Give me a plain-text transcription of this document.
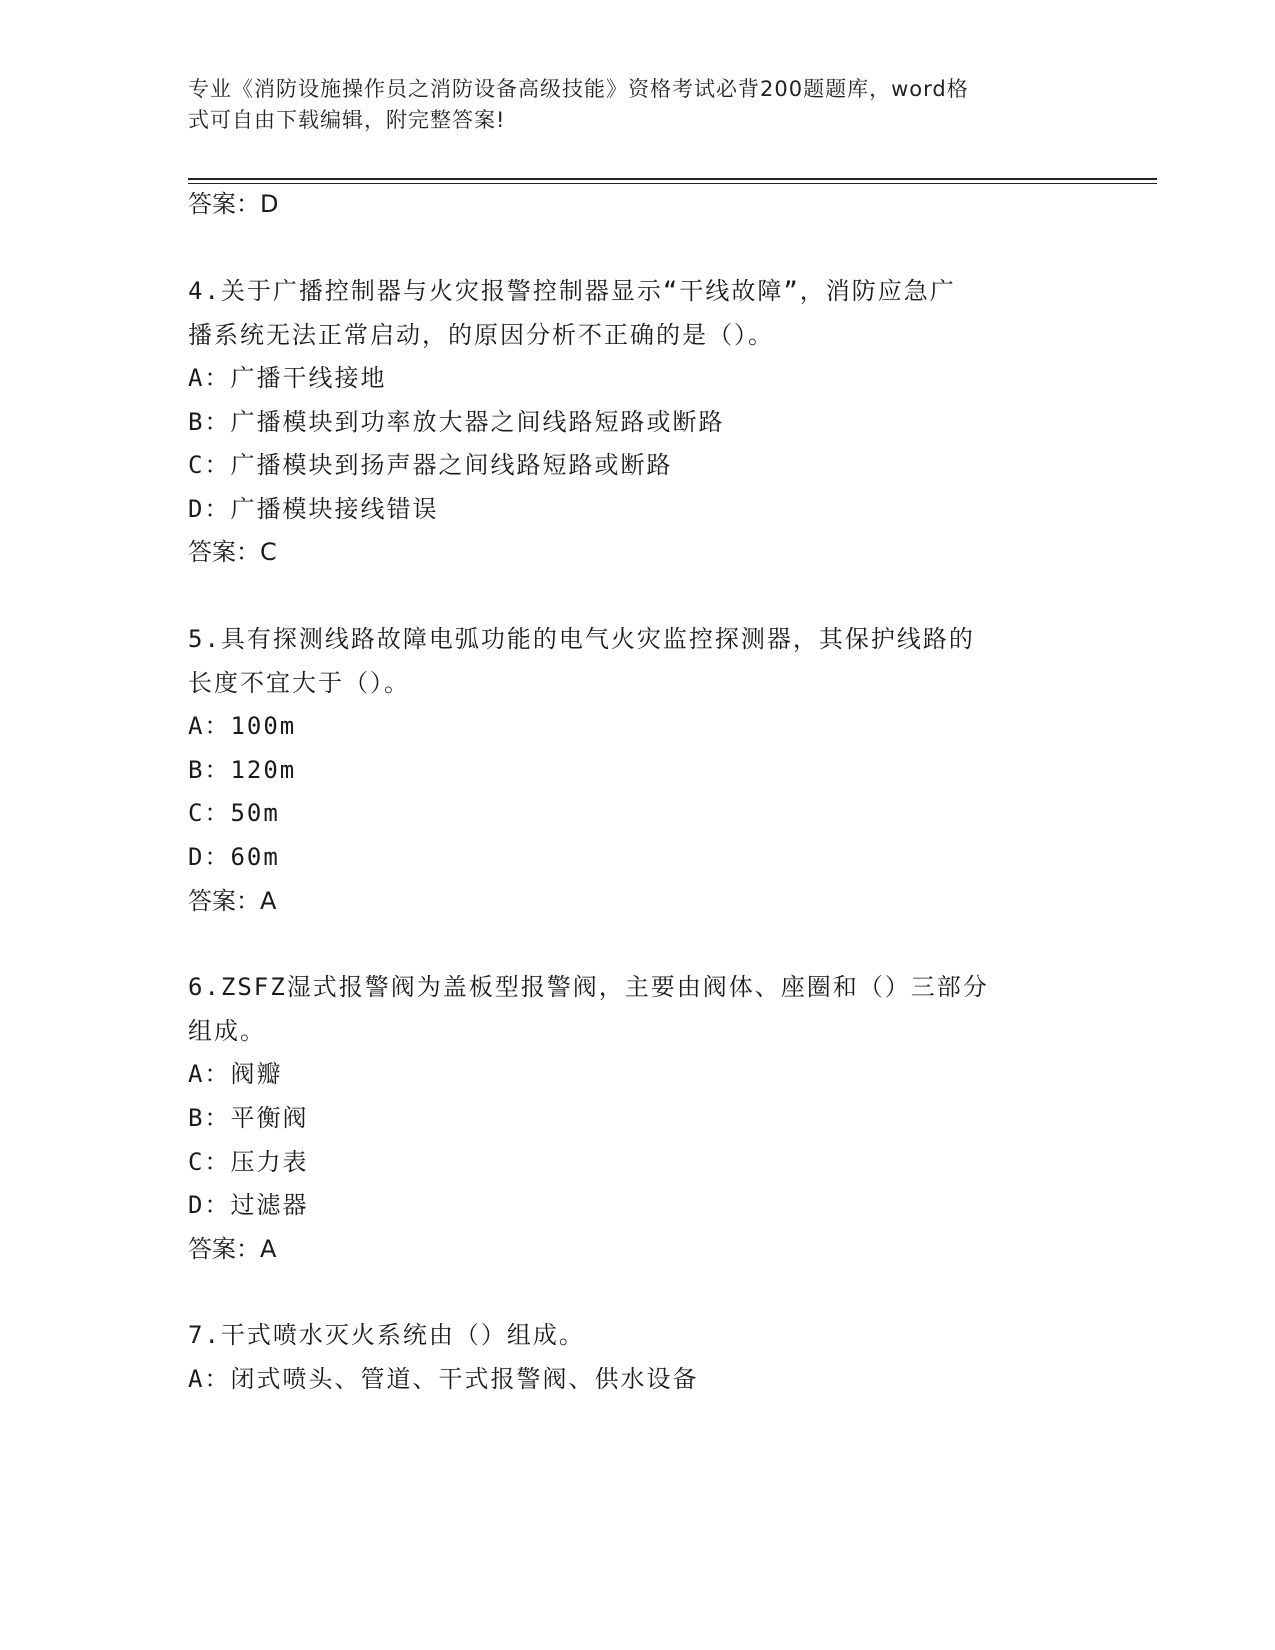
专业《消防设施操作员之消防设备高级技能》资格考试必背200题题库，word格
式可自由下载编辑，附完整答案!
答案：D
4.关于广播控制器与火灾报警控制器显示“干线故障”，消防应急广
播系统无法正常启动，的原因分析不正确的是（）。
A：广播干线接地
B：广播模块到功率放大器之间线路短路或断路
C：广播模块到扬声器之间线路短路或断路
D：广播模块接线错误
答案：C
5.具有探测线路故障电弧功能的电气火灾监控探测器，其保护线路的
长度不宜大于（）。
A：100m
B：120m
C：50m
D：60m
答案：A
6.ZSFZ湿式报警阀为盖板型报警阀，主要由阀体、座圈和（）三部分
组成。
A：阀瓣
B：平衡阀
C：压力表
D：过滤器
答案：A
7.干式喷水灭火系统由（）组成。
A：闭式喷头、管道、干式报警阀、供水设备
